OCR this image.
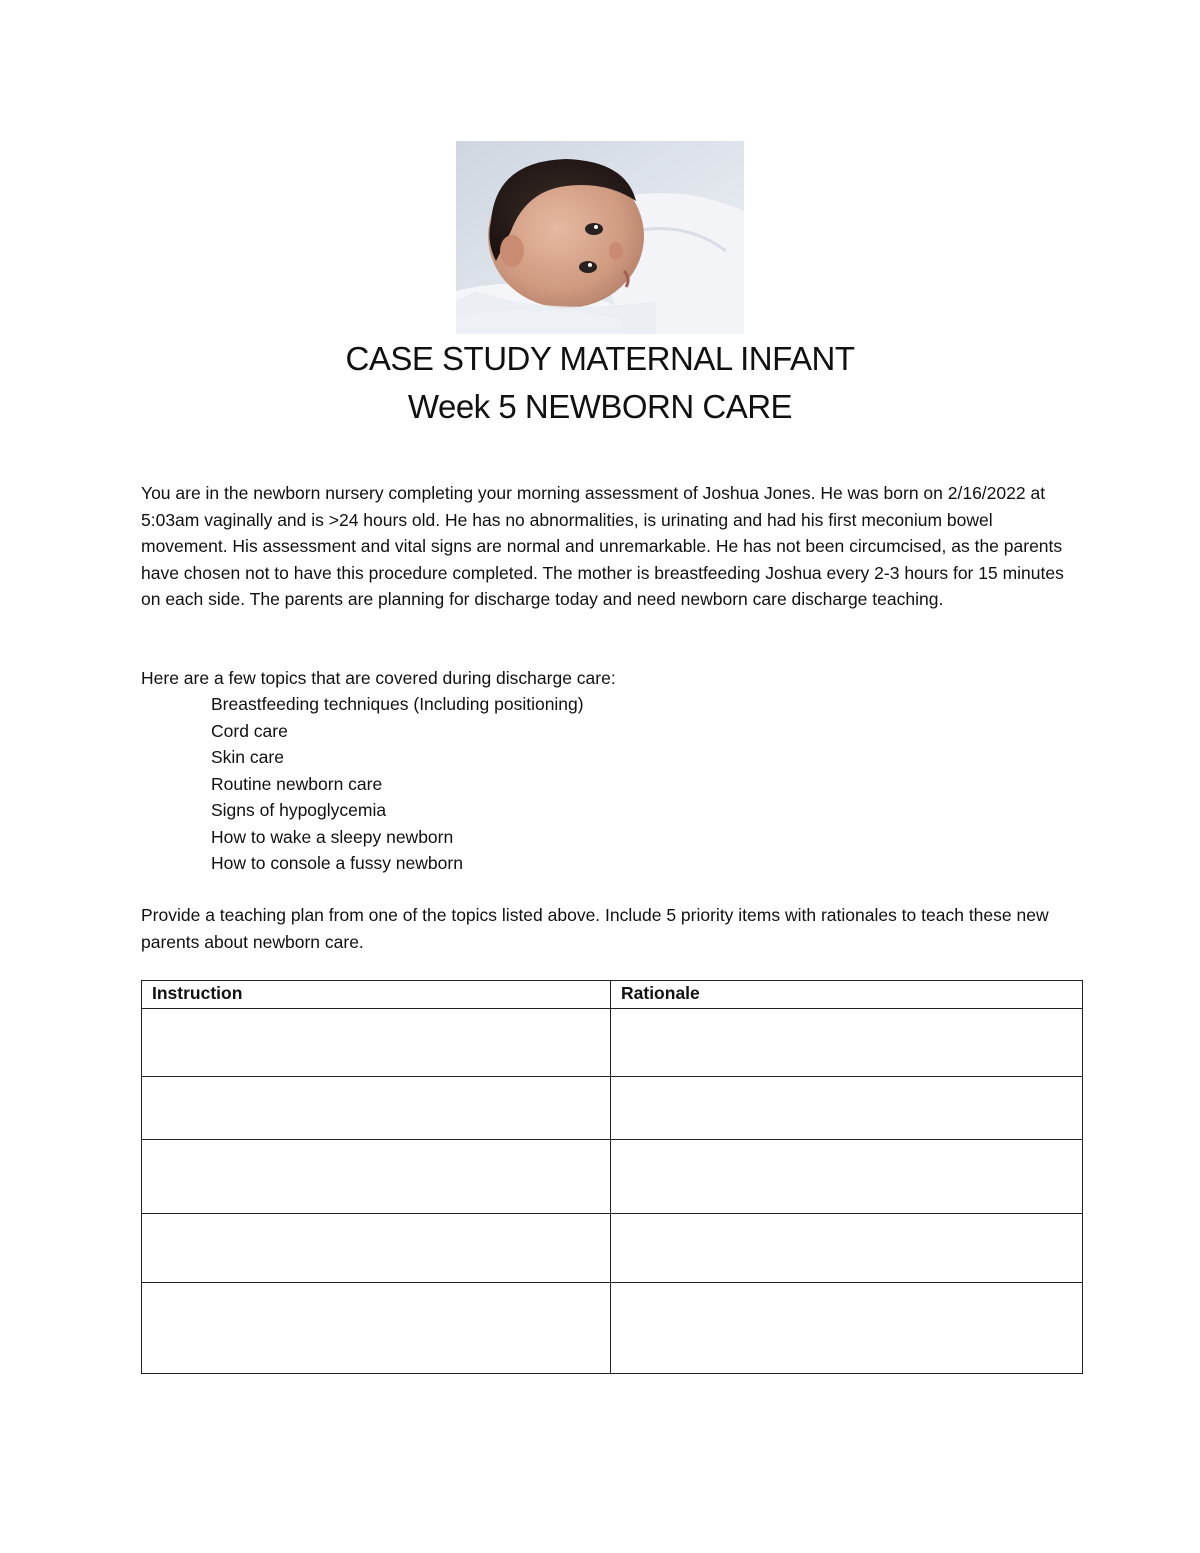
CASE STUDY MATERNAL INFANT
Week 5 NEWBORN CARE

You are in the newborn nursery completing your morning assessment of Joshua Jones. He was born on 2/16/2022 at 5:03am vaginally and is >24 hours old. He has no abnormalities, is urinating and had his first meconium bowel movement. His assessment and vital signs are normal and unremarkable. He has not been circumcised, as the parents have chosen not to have this procedure completed. The mother is breastfeeding Joshua every 2-3 hours for 15 minutes on each side. The parents are planning for discharge today and need newborn care discharge teaching.

Here are a few topics that are covered during discharge care:

Breastfeeding techniques (Including positioning)
Cord care
Skin care
Routine newborn care
Signs of hypoglycemia
How to wake a sleepy newborn
How to console a fussy newborn

Provide a teaching plan from one of the topics listed above. Include 5 priority items with rationales to teach these new parents about newborn care.

Instruction	Rationale
